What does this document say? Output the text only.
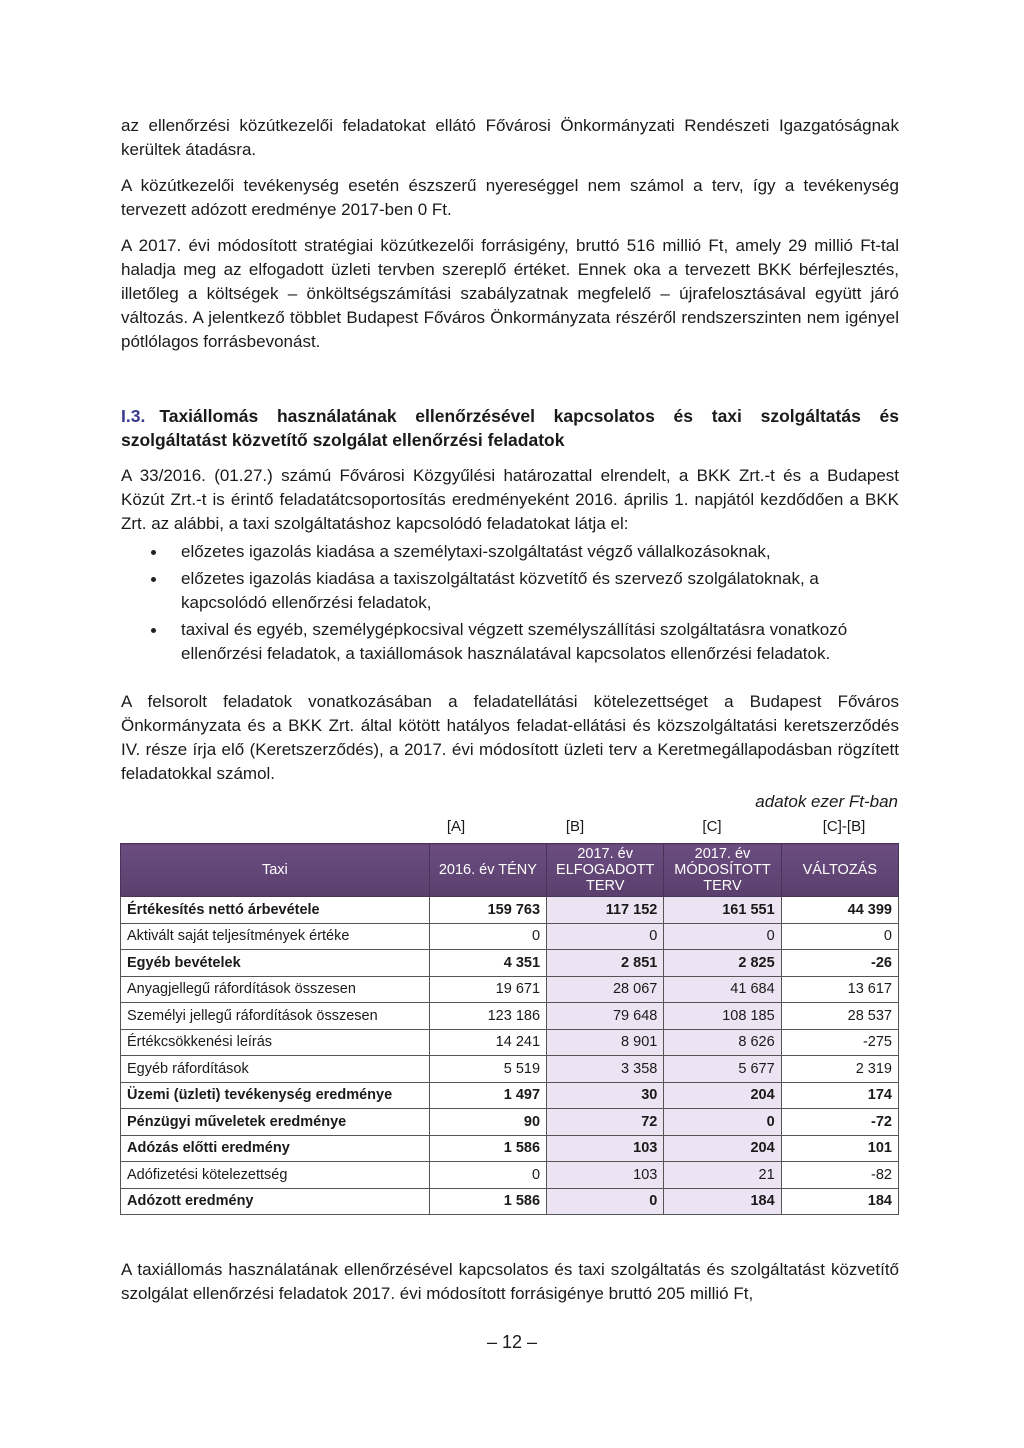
az ellenőrzési közútkezelői feladatokat ellátó Fővárosi Önkormányzati Rendészeti Igazgatóságnak kerültek átadásra.

A közútkezelői tevékenység esetén észszerű nyereséggel nem számol a terv, így a tevékenység tervezett adózott eredménye 2017-ben 0 Ft.

A 2017. évi módosított stratégiai közútkezelői forrásigény, bruttó 516 millió Ft, amely 29 millió Ft-tal haladja meg az elfogadott üzleti tervben szereplő értéket. Ennek oka a tervezett BKK bérfejlesztés, illetőleg a költségek – önköltségszámítási szabályzatnak megfelelő – újrafelosztásával együtt járó változás. A jelentkező többlet Budapest Főváros Önkormányzata részéről rendszerszinten nem igényel pótlólagos forrásbevonást.

I.3. Taxiállomás használatának ellenőrzésével kapcsolatos és taxi szolgáltatás és szolgáltatást közvetítő szolgálat ellenőrzési feladatok

A 33/2016. (01.27.) számú Fővárosi Közgyűlési határozattal elrendelt, a BKK Zrt.-t és a Budapest Közút Zrt.-t is érintő feladatátcsoportosítás eredményeként 2016. április 1. napjától kezdődően a BKK Zrt. az alábbi, a taxi szolgáltatáshoz kapcsolódó feladatokat látja el:

előzetes igazolás kiadása a személytaxi-szolgáltatást végző vállalkozásoknak,
előzetes igazolás kiadása a taxiszolgáltatást közvetítő és szervező szolgálatoknak, a kapcsolódó ellenőrzési feladatok,
taxival és egyéb, személygépkocsival végzett személyszállítási szolgáltatásra vonatkozó ellenőrzési feladatok, a taxiállomások használatával kapcsolatos ellenőrzési feladatok.

A felsorolt feladatok vonatkozásában a feladatellátási kötelezettséget a Budapest Főváros Önkormányzata és a BKK Zrt. által kötött hatályos feladat-ellátási és közszolgáltatási keretszerződés IV. része írja elő (Keretszerződés), a 2017. évi módosított üzleti terv a Keretmegállapodásban rögzített feladatokkal számol.

adatok ezer Ft-ban

[A]	[B]	[C]	[C]-[B]
Taxi	2016. év TÉNY	2017. év ELFOGADOTT TERV	2017. év MÓDOSÍTOTT TERV	VÁLTOZÁS
Értékesítés nettó árbevétele	159 763	117 152	161 551	44 399
Aktivált saját teljesítmények értéke	0	0	0	0
Egyéb bevételek	4 351	2 851	2 825	-26
Anyagjellegű ráfordítások összesen	19 671	28 067	41 684	13 617
Személyi jellegű ráfordítások összesen	123 186	79 648	108 185	28 537
Értékcsökkenési leírás	14 241	8 901	8 626	-275
Egyéb ráfordítások	5 519	3 358	5 677	2 319
Üzemi (üzleti) tevékenység eredménye	1 497	30	204	174
Pénzügyi műveletek eredménye	90	72	0	-72
Adózás előtti eredmény	1 586	103	204	101
Adófizetési kötelezettség	0	103	21	-82
Adózott eredmény	1 586	0	184	184

A taxiállomás használatának ellenőrzésével kapcsolatos és taxi szolgáltatás és szolgáltatást közvetítő szolgálat ellenőrzési feladatok 2017. évi módosított forrásigénye bruttó 205 millió Ft,

– 12 –
